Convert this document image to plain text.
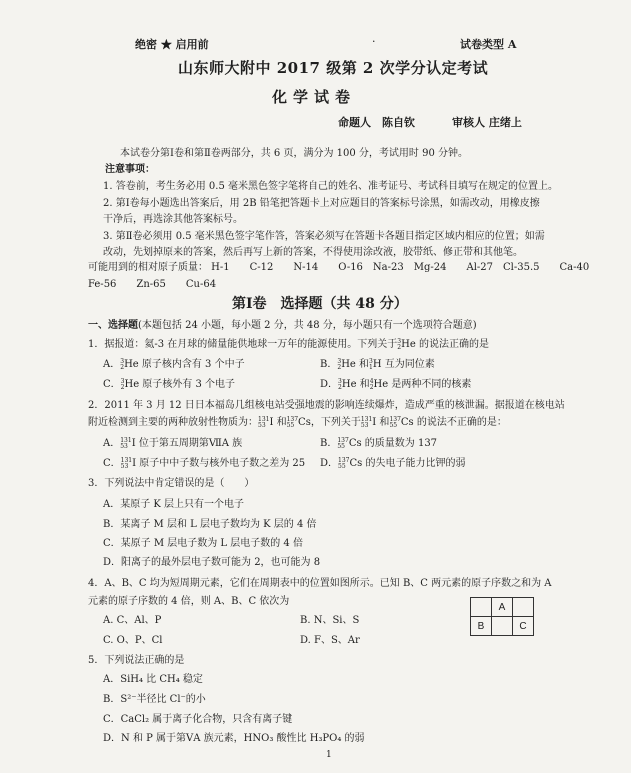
绝密 ★ 启用前	·	试卷类型 A
山东师大附中 2017 级第 2 次学分认定考试
化学试卷
命题人　陈自钦	审核人 庄绪上
本试卷分第Ⅰ卷和第Ⅱ卷两部分，共 6 页，满分为 100 分，考试用时 90 分钟。
注意事项：
1. 答卷前，考生务必用 0.5 毫米黑色签字笔将自己的姓名、准考证号、考试科目填写在规定的位置上。
2. 第Ⅰ卷每小题选出答案后，用 2B 铅笔把答题卡上对应题目的答案标号涂黑，如需改动，用橡皮擦
干净后，再选涂其他答案标号。
3. 第Ⅱ卷必须用 0.5 毫米黑色签字笔作答，答案必须写在答题卡各题目指定区域内相应的位置；如需
改动，先划掉原来的答案，然后再写上新的答案，不得使用涂改液，胶带纸、修正带和其他笔。
可能用到的相对原子质量： H-1　　C-12　　N-14　　O-16　Na-23　Mg-24　　Al-27　Cl-35.5　　Ca-40
Fe-56　　Zn-65　　Cu-64
第Ⅰ卷　选择题（共 48 分）
一、选择题(本题包括 24 小题，每小题 2 分，共 48 分，每小题只有一个选项符合题意)
1．据报道：氦-3 在月球的储量能供地球一万年的能源使用。下列关于 3
2 He 的说法正确的是
A． 3
2 He 原子核内含有 3 个中子	B． 3
2 He 和 3
1 H 互为同位素
C． 3
2 He 原子核外有 3 个电子	D． 3
2 He 和 4
2 He 是两种不同的核素
2．2011 年 3 月 12 日日本福岛几组核电站受强地震的影响连续爆炸，造成严重的核泄漏。据报道在核电站
附近检测到主要的两种放射性物质为： 131
53 I 和 137
55 Cs，下列关于 131
53 I 和 137
55 Cs 的说法不正确的是：
A． 131
53 I 位于第五周期第ⅦA 族	B． 137
55 Cs 的质量数为 137
C． 131
53 I 原子中中子数与核外电子数之差为 25 D． 137
55 Cs 的失电子能力比钾的弱
3．下列说法中肯定错误的是（　　）
A．某原子 K 层上只有一个电子
B．某离子 M 层和 L 层电子数均为 K 层的 4 倍
C．某原子 M 层电子数为 L 层电子数的 4 倍
D．阳离子的最外层电子数可能为 2，也可能为 8
4．A、B、C 均为短周期元素，它们在周期表中的位置如图所示。已知 B、C 两元素的原子序数之和为 A
元素的原子序数的 4 倍，则 A、B、C 依次为
A. C、Al、P	B. N、Si、S
C. O、P、Cl	D. F、S、Ar
	A	
B		C
5．下列说法正确的是
A．SiH₄ 比 CH₄ 稳定
B．S²⁻半径比 Cl⁻的小
C．CaCl₂ 属于离子化合物，只含有离子键
D．N 和 P 属于第ⅤA 族元素，HNO₃ 酸性比 H₃PO₄ 的弱
1
